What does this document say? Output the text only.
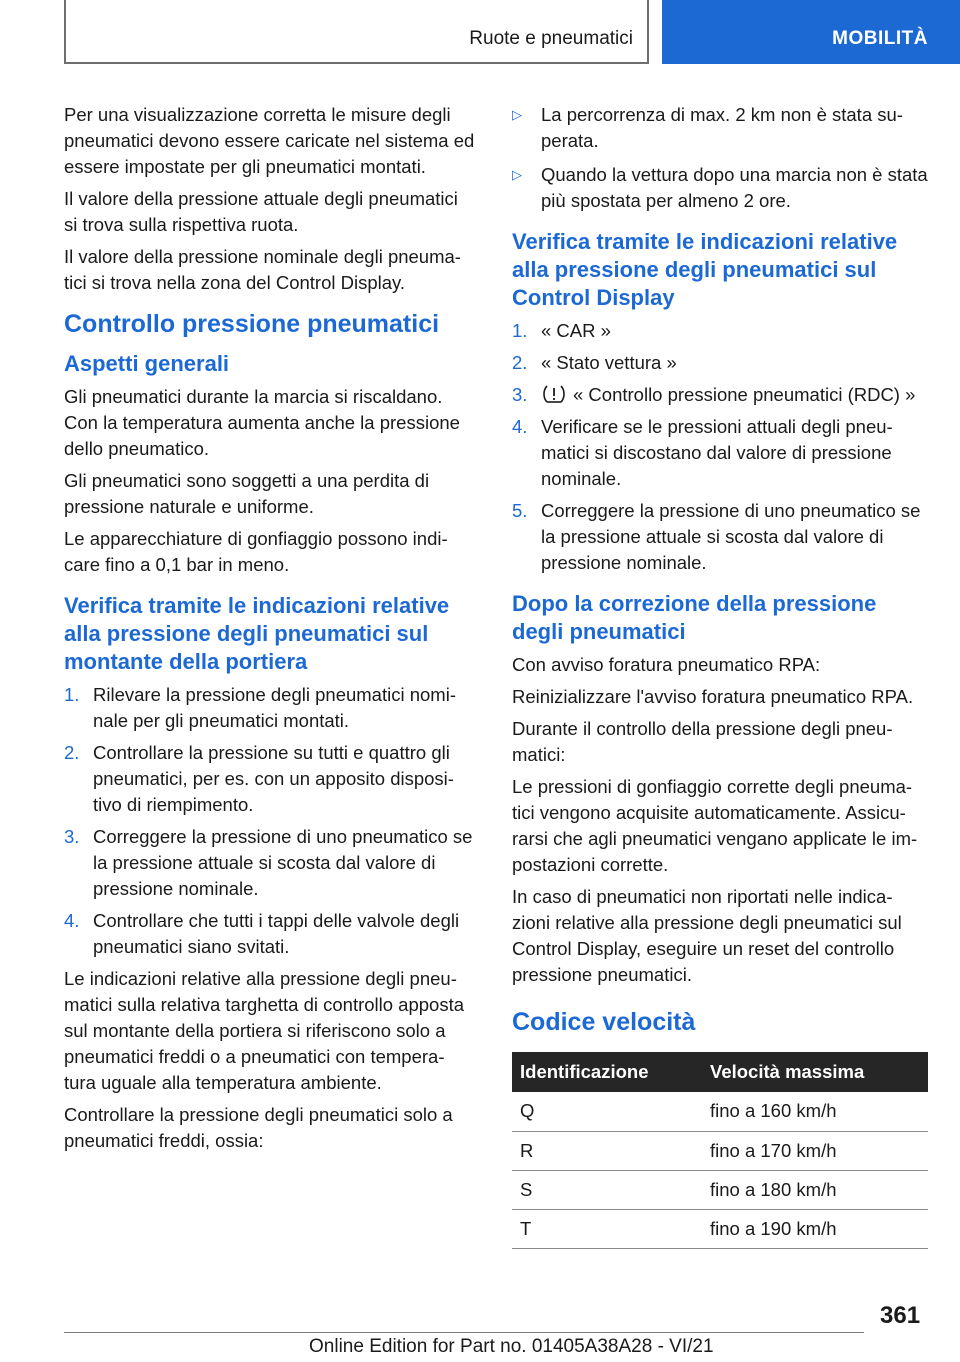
Ruote e pneumatici	MOBILITÀ

Per una visualizzazione corretta le misure degli pneumatici devono essere caricate nel sistema ed essere impostate per gli pneumatici montati.

Il valore della pressione attuale degli pneumatici si trova sulla rispettiva ruota.

Il valore della pressione nominale degli pneuma-tici si trova nella zona del Control Display.

Controllo pressione pneumatici
Aspetti generali

Gli pneumatici durante la marcia si riscaldano. Con la temperatura aumenta anche la pressione dello pneumatico.

Gli pneumatici sono soggetti a una perdita di pressione naturale e uniforme.

Le apparecchiature di gonfiaggio possono indi-care fino a 0,1 bar in meno.

Verifica tramite le indicazioni relative alla pressione degli pneumatici sul montante della portiera
1. Rilevare la pressione degli pneumatici nomi-nale per gli pneumatici montati.
2. Controllare la pressione su tutti e quattro gli pneumatici, per es. con un apposito disposi-tivo di riempimento.
3. Correggere la pressione di uno pneumatico se la pressione attuale si scosta dal valore di pressione nominale.
4. Controllare che tutti i tappi delle valvole degli pneumatici siano svitati.

Le indicazioni relative alla pressione degli pneu-matici sulla relativa targhetta di controllo apposta sul montante della portiera si riferiscono solo a pneumatici freddi o a pneumatici con tempera-tura uguale alla temperatura ambiente.

Controllare la pressione degli pneumatici solo a pneumatici freddi, ossia:

▷	La percorrenza di max. 2 km non è stata su-perata.
▷	Quando la vettura dopo una marcia non è stata più spostata per almeno 2 ore.
Verifica tramite le indicazioni relative alla pressione degli pneumatici sul Control Display
1. « CAR »
2. « Stato vettura »
3.	« Controllo pressione pneumatici (RDC) »
4. Verificare se le pressioni attuali degli pneu-matici si discostano dal valore di pressione nominale.
5. Correggere la pressione di uno pneumatico se la pressione attuale si scosta dal valore di pressione nominale.
Dopo la correzione della pressione degli pneumatici

Con avviso foratura pneumatico RPA:

Reinizializzare l'avviso foratura pneumatico RPA.

Durante il controllo della pressione degli pneu-matici:

Le pressioni di gonfiaggio corrette degli pneuma-tici vengono acquisite automaticamente. Assicu-rarsi che agli pneumatici vengano applicate le im-postazioni corrette.

In caso di pneumatici non riportati nelle indica-zioni relative alla pressione degli pneumatici sul Control Display, eseguire un reset del controllo pressione pneumatici.

Codice velocità
Identificazione	Velocità massima
Q	fino a 160 km/h
R	fino a 170 km/h
S	fino a 180 km/h
T	fino a 190 km/h
361
Online Edition for Part no. 01405A38A28 - VI/21
